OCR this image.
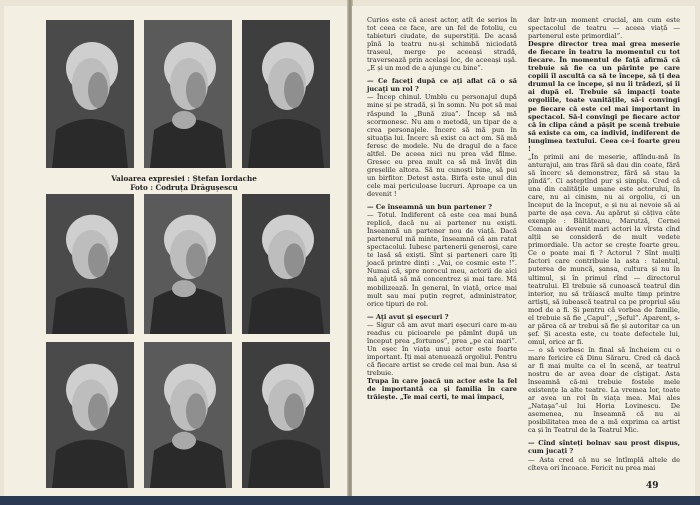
Valoarea expresiei : Ștefan Iordache
Foto : Codruța Drăgușescu

Curios este că acest actor, atît de serios în tot ceea ce face, are un fel de fotoliu, cu tabieturi ciudate, de superstiții. De acasă pînă la teatru nu-și schimbă niciodată traseul, merge pe aceeași stradă, traversează prin același loc, de aceeași ușă. „E și un mod de a ajunge cu bine”.

— Ce faceți după ce aţi aflat că o să jucaţi un rol ?

— Încep chinul. Umblu cu personajul după mine și pe stradă, și în somn. Nu pot să mai răspund la „Bună ziua”. Încep să mă scormonesc. Nu am o metodă, un tipar de a crea personajele. Încerc să mă pun în situația lui. Încerc să exist ca act om. Să mă feresc de modele. Nu de dragul de a face altfel. De aceea nici nu prea văd filme. Gresec eu prea mult ca să mă învăț din greșelile altora. Să nu cunoști bine, să pui un birfitor. Detest asta. Birfa este unul din cele mai periculoase lucruri. Aproape ca un devenit !

— Ce înseamnă un bun partener ?

— Totul. Indiferent că este cea mai bună replică, dacă nu ai partener nu exiști. Înseamnă un partener nou de viață. Dacă partenerul mă minte, înseamnă că am ratat spectacolul. Iubesc partenerii generoși, care te lasă să exiști. Sînt și parteneri care îți joacă printre dinți : „Vai, ce cosmic este !”. Numai că, spre norocul meu, actorii de aici mă ajută să mă concentrez și mai tare. Mă mobilizează. În general, în viață, orice mai mult sau mai puțin regret, administrator, orice tipuri de rol.

— Aţi avut și eșecuri ?

— Sigur că am avut mari eșecuri care m-au readus cu picioarele pe pămînt după un început prea „fortunos”, prea „pe cai mari”. Un eșec în viața unui actor este foarte important. Îți mai atenuează orgoliul. Pentru că fiecare artist se crede cel mai bun. Asa si trebuie.

Trupa în care joacă un actor este la fel de importantă ca și familia în care trăiește. „Te mai certi, te mai împaci,

dar într-un moment crucial, am cum este spectacolul de teatru — aceea viață — partenerul este primordial”.

Despre director trea mai grea meserie de fiecare în teatru la momentul cu tot fiecare. În momentul de față afirmă că trebuie să fie ca un părinte pe care copiii îl ascultă ca să te începe, să ți dea drumul la ce începe, și nu îi trădezi, și îi ai după el. Trebuie să impacți toate orgoliile, toate vanitățile, să-i convingi pe fiecare că este cel mai important în spectacol. Să-l convingi pe fiecare actor că în clipa când a pășit pe scenă trebuie să existe ca om, ca individ, indiferent de lungimea textului. Ceea ce-i foarte greu !

„În primii ani de meserie, aflîndu-mă în anturajul, am tras fără să dau din coate, fără să încerc să demonstrez, fără să stau la pîndă”. Ci așteptînd pur și simplu. Cred că una din calitățile umane este actorului, în care, nu ai cinism, nu ai orgoliu, ci un început de la început, e și nu ai nevoie să ai parte de așa ceva. Au apărut și câțiva câte exemple : Băltățeanu, Marutză, Cernei Coman au devenit mari actori la vîrsta cînd alții se consideră de mult vedete primordiale. Un actor se crește foarte greu. Ce o poate mai fi ? Actorul ? Sînt mulți factori care contribuie la asta : talentul, puterea de muncă, șansa, cultura și nu în ultimul, și în primul rînd — directorul teatrului. El trebuie să cunoască teatrul din interior, nu să trăiască multe timp printre artiști, să iubească teatrul ca pe propriul său mod de a fi. Și pentru că vorbea de familie, el trebuie să fie „Capul”, „Șeful”. Aparent, s-ar părea că ar trebui să fie și autoritar ca un șef. Și acesta este, cu toate defectele lui, omul, orice ar fi.

— o să vorbesc în final să încheiem cu o mare fericire că Dinu Săraru. Cred că dacă ar fi mai multe ca el în scenă, ar teatrul nostru de ar avea doar de cîștigat. Asta înseamnă că-mi trebuie fostele mele existențe la alte teatre. La vremea lor, toate ar avea un rol în viața mea. Mai ales „Nataşa”-ul lui Horia Lovinescu. De asemenea, nu înseamnă că nu ai posibilitatea mea de a mă exprima ca artist ca și în Teatrul de la Teatrul Mic.

— Cînd sînteți bolnav sau prost dispus, cum jucați ?

— Asta cred că nu se întîmplă altele de cîteva ori încoace. Fericit nu prea mai

49
